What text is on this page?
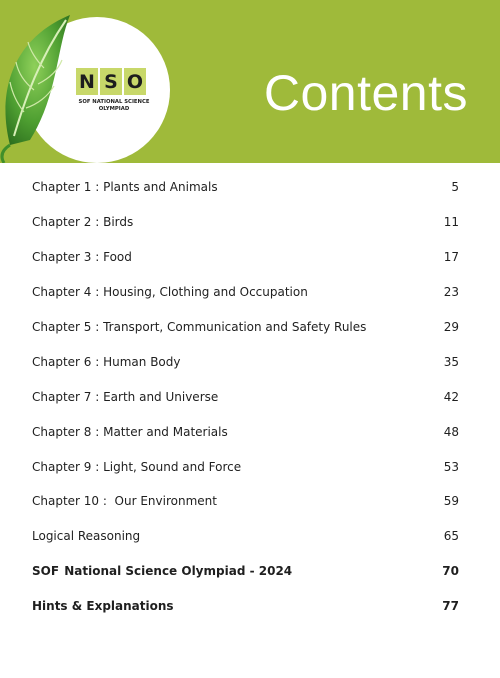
N S O
SOF NATIONAL SCIENCE OLYMPIAD	Contents
Chapter 1 : Plants and Animals	5
Chapter 2 : Birds	11
Chapter 3 : Food	17
Chapter 4 : Housing, Clothing and Occupation	23
Chapter 5 : Transport, Communication and Safety Rules	29
Chapter 6 : Human Body	35
Chapter 7 : Earth and Universe	42
Chapter 8 : Matter and Materials	48
Chapter 9 : Light, Sound and Force	53
Chapter 10 :  Our Environment	59
Logical Reasoning	65
SOF National Science Olympiad - 2024	70
Hints & Explanations	77
